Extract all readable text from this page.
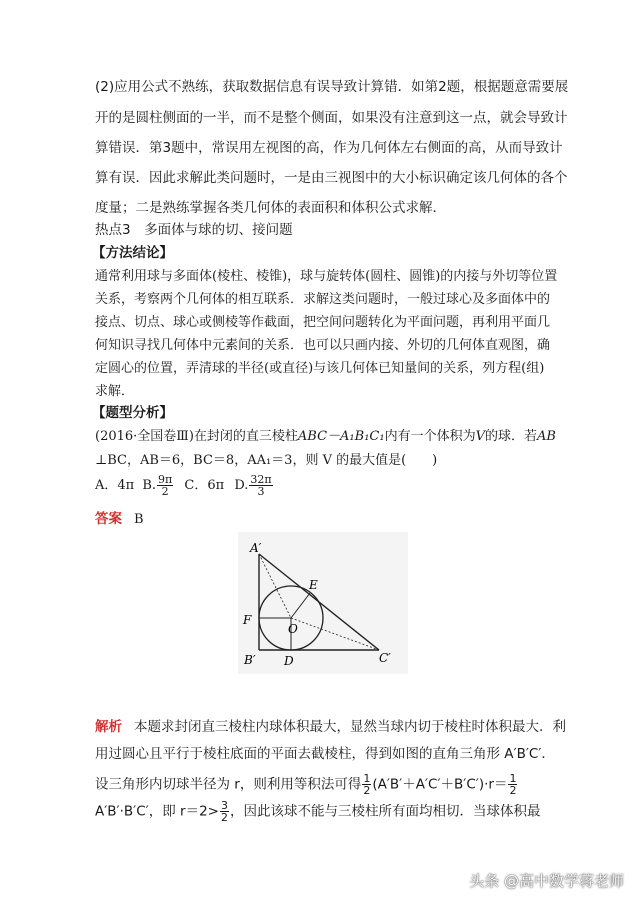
(2)应用公式不熟练，获取数据信息有误导致计算错．如第2题，根据题意需要展
开的是圆柱侧面的一半，而不是整个侧面，如果没有注意到这一点，就会导致计
算错误．第3题中，常误用左视图的高，作为几何体左右侧面的高，从而导致计
算有误．因此求解此类问题时，一是由三视图中的大小标识确定该几何体的各个
度量；二是熟练掌握各类几何体的表面积和体积公式求解．
热点3　多面体与球的切、接问题
【方法结论】
通常利用球与多面体(棱柱、棱锥)，球与旋转体(圆柱、圆锥)的内接与外切等位置
关系，考察两个几何体的相互联系．求解这类问题时，一般过球心及多面体中的
接点、切点、球心或侧棱等作截面，把空间问题转化为平面问题，再利用平面几
何知识寻找几何体中元素间的关系．也可以只画内接、外切的几何体直观图，确
定圆心的位置，弄清球的半径(或直径)与该几何体已知量间的关系，列方程(组)
求解．
【题型分析】
(2016·全国卷Ⅲ)在封闭的直三棱柱ABC－A₁B₁C₁内有一个体积为V的球．若AB
⊥BC，AB＝6，BC＝8，AA₁＝3，则 V 的最大值是(　　)
A．4π B. $\frac{9\pi}{2}$ C．6π D. $\frac{32\pi}{3}$
答案 B
A′
E
F
O
B′ D	C′
解析 本题求封闭直三棱柱内球体积最大，显然当球内切于棱柱时体积最大．利
用过圆心且平行于棱柱底面的平面去截棱柱，得到如图的直角三角形 A′B′C′．
设三角形内切球半径为 r，则利用等积法可得 $\frac{1}{2} (A'B'+A'C'+B'C')\cdot r= \frac{1}{2}$
A′B′·B′C′，即 $r=2> \frac{3}{2}$ ，因此该球不能与三棱柱所有面均相切．当球体积最
头条 @高中数学蒋老师
